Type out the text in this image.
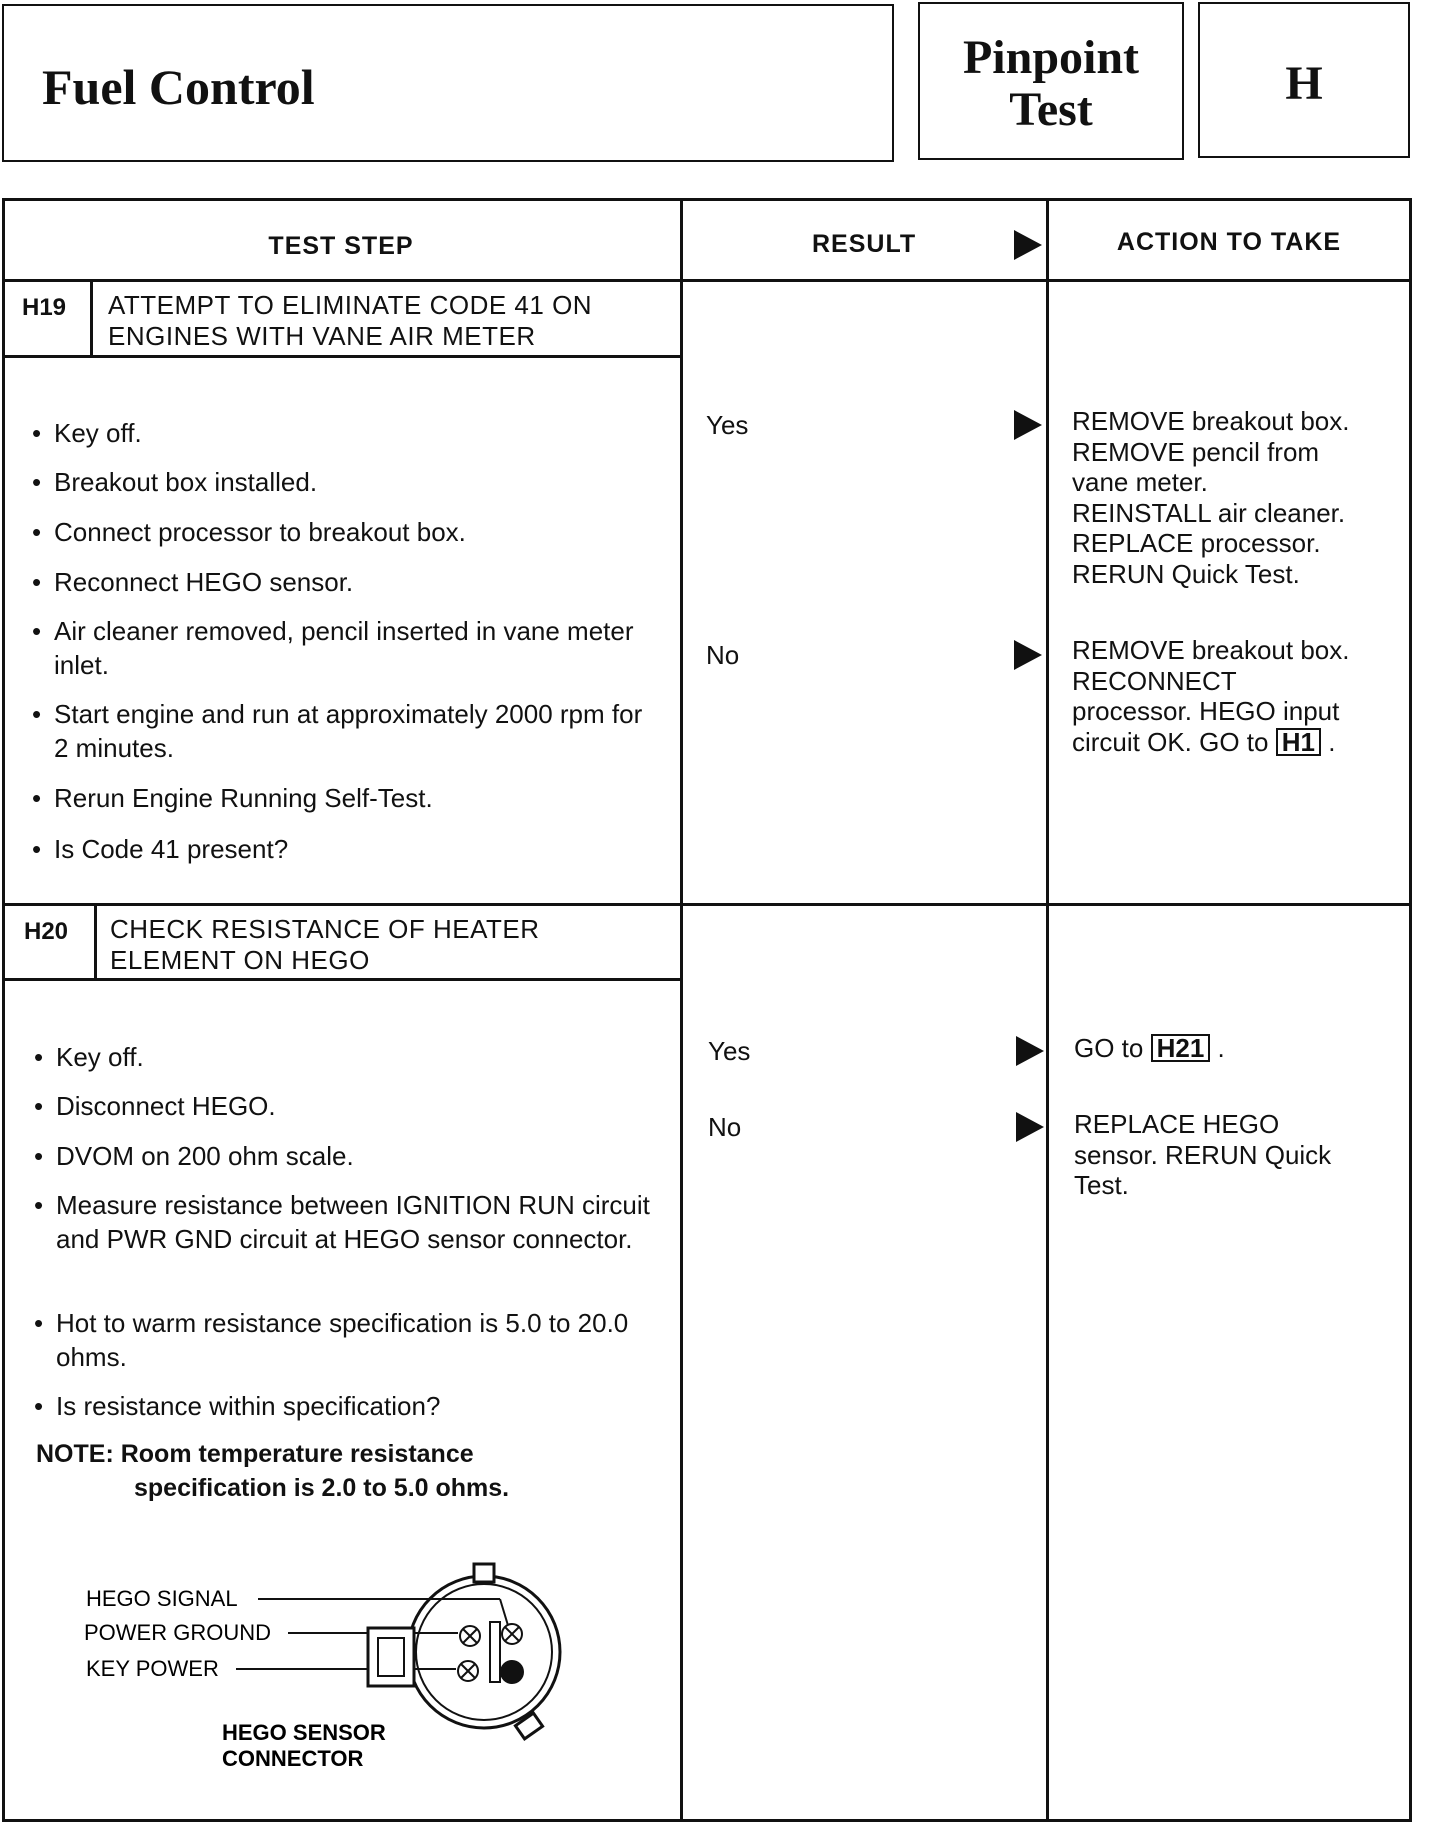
Fuel Control
Pinpoint
Test	H
TEST STEP	RESULT	ACTION TO TAKE
H19 ATTEMPT TO ELIMINATE CODE 41 ON
ENGINES WITH VANE AIR METER
• Key off.
• Breakout box installed.
• Connect processor to breakout box.
• Reconnect HEGO sensor.
• Air cleaner removed, pencil inserted in vane meter inlet.
• Start engine and run at approximately 2000 rpm for 2 minutes.
• Rerun Engine Running Self-Test.
• Is Code 41 present?
Yes	REMOVE breakout box.
REMOVE pencil from
vane meter.
REINSTALL air cleaner.
REPLACE processor.
RERUN Quick Test.
No	REMOVE breakout box.
RECONNECT
processor. HEGO input
circuit OK. GO to H1 .
H20 CHECK RESISTANCE OF HEATER
ELEMENT ON HEGO
• Key off.
• Disconnect HEGO.
• DVOM on 200 ohm scale.
• Measure resistance between IGNITION RUN circuit and PWR GND circuit at HEGO sensor connector.
• Hot to warm resistance specification is 5.0 to 20.0 ohms.
• Is resistance within specification?
NOTE: Room temperature resistance
specification is 2.0 to 5.0 ohms.
Yes	GO to H21 .
No	REPLACE HEGO
sensor. RERUN Quick
Test.
HEGO SIGNAL
POWER GROUND
KEY POWER
HEGO SENSOR
CONNECTOR
